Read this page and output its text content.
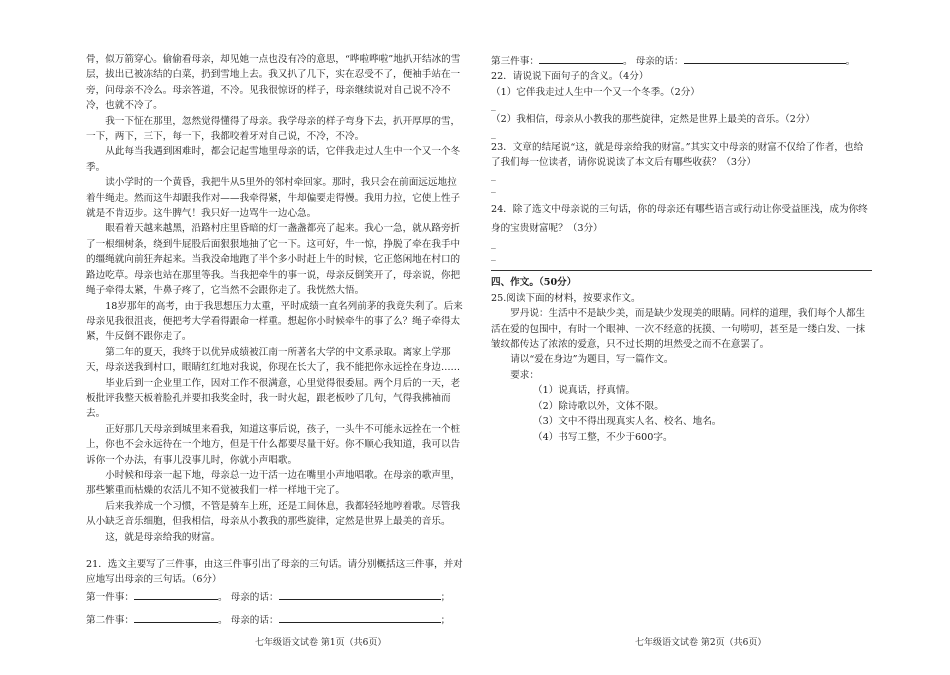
骨，似万箭穿心。偷偷看母亲，却见她一点也没有冷的意思，“哗啦哗啦”地扒开结冰的雪层，拔出已被冻结的白菜，扔到雪地上去。我又扒了几下，实在忍受不了，便袖手站在一旁，问母亲不冷么。母亲答道，不冷。见我很惊讶的样子，母亲继续说对自己说不冷不冷，也就不冷了。

我一下怔在那里，忽然觉得懂得了母亲。我学母亲的样子弯身下去，扒开厚厚的雪，一下，两下，三下，每一下，我都咬着牙对自己说，不冷，不冷。

从此每当我遇到困难时，都会记起雪地里母亲的话，它伴我走过人生中一个又一个冬季。

读小学时的一个黄昏，我把牛从5里外的邻村牵回家。那时，我只会在前面远远地拉着牛绳走。然而这牛却跟我作对——我牵得紧，牛却偏要走得慢。我用力拉，它使上性子就是不肯迈步。这牛脾气！我只好一边骂牛一边心急。

眼看着天越来越黑，沿路村庄里昏暗的灯一盏盏都亮了起来。我心一急，就从路旁折了一根细树条，绕到牛屁股后面狠狠地抽了它一下。这可好，牛一惊，挣脱了牵在我手中的缰绳就向前狂奔起来。当我没命地跑了半个多小时赶上牛的时候，它正悠闲地在村口的路边吃草。母亲也站在那里等我。当我把牵牛的事一说，母亲反倒笑开了，母亲说，你把绳子牵得太紧，牛鼻子疼了，它当然不会跟你走了。我恍然大悟。

18岁那年的高考，由于我思想压力太重，平时成绩一直名列前茅的我竟失利了。后来母亲见我很沮丧，便把考大学看得跟命一样重。想起你小时候牵牛的事了么？绳子牵得太紧，牛反倒不跟你走了。

第二年的夏天，我终于以优异成绩被江南一所著名大学的中文系录取。离家上学那天，母亲送我到村口，眼睛红红地对我说，你现在长大了，我不能把你永远拴在身边……

毕业后到一企业里工作，因对工作不很满意，心里觉得很委屈。两个月后的一天，老板批评我整天板着脸孔并要扣我奖金时，我一时火起，跟老板吵了几句，气得我拂袖而去。

正好那几天母亲到城里来看我，知道这事后说，孩子，一头牛不可能永远拴在一个桩上，你也不会永远待在一个地方，但是干什么都要尽量干好。你不顺心我知道，我可以告诉你一个办法，有事儿没事儿时，你就小声唱歌。

小时候和母亲一起下地，母亲总一边干活一边在嘴里小声地唱歌。在母亲的歌声里，那些繁重而枯燥的农活儿不知不觉被我们一样一样地干完了。

后来我养成一个习惯，不管是骑车上班，还是工间休息，我都轻轻地哼着歌。尽管我从小缺乏音乐细胞，但我相信，母亲从小教我的那些旋律，定然是世界上最美的音乐。

这，就是母亲给我的财富。

21．选文主要写了三件事，由这三件事引出了母亲的三句话。请分别概括这三件事，并对应地写出母亲的三句话。（6分）

第一件事：	。 母亲的话：	；

第二件事：	。 母亲的话：	；

第三件事：	。 母亲的话：	。

22．请说说下面句子的含义。（4分）

（1）它伴我走过人生中一个又一个冬季。（2分）

_

（2）我相信，母亲从小教我的那些旋律，定然是世界上最美的音乐。（2分）

_

23．文章的结尾说“这，就是母亲给我的财富。”其实文中母亲的财富不仅给了作者，也给了我们每一位读者，请你说说读了本文后有哪些收获？（3分）

_
_

24．除了选文中母亲说的三句话，你的母亲还有哪些语言或行动让你受益匪浅，成为你终身的宝贵财富呢？（3分）

_
_

四、作文。（50分）

25.阅读下面的材料，按要求作文。

罗丹说：生活中不是缺少美，而是缺少发现美的眼睛。同样的道理，我们每个人都生活在爱的包围中，有时一个眼神、一次不经意的抚摸、一句唠叨，甚至是一缕白发、一抹皱纹都传达了浓浓的爱意，只不过长期的坦然受之而不在意罢了。

请以“爱在身边”为题目，写一篇作文。

要求：

（1）说真话，抒真情。

（2）除诗歌以外，文体不限。

（3）文中不得出现真实人名、校名、地名。

（4）书写工整，不少于600字。

七年级语文试卷 第1页（共6页）	七年级语文试卷 第2页（共6页）
